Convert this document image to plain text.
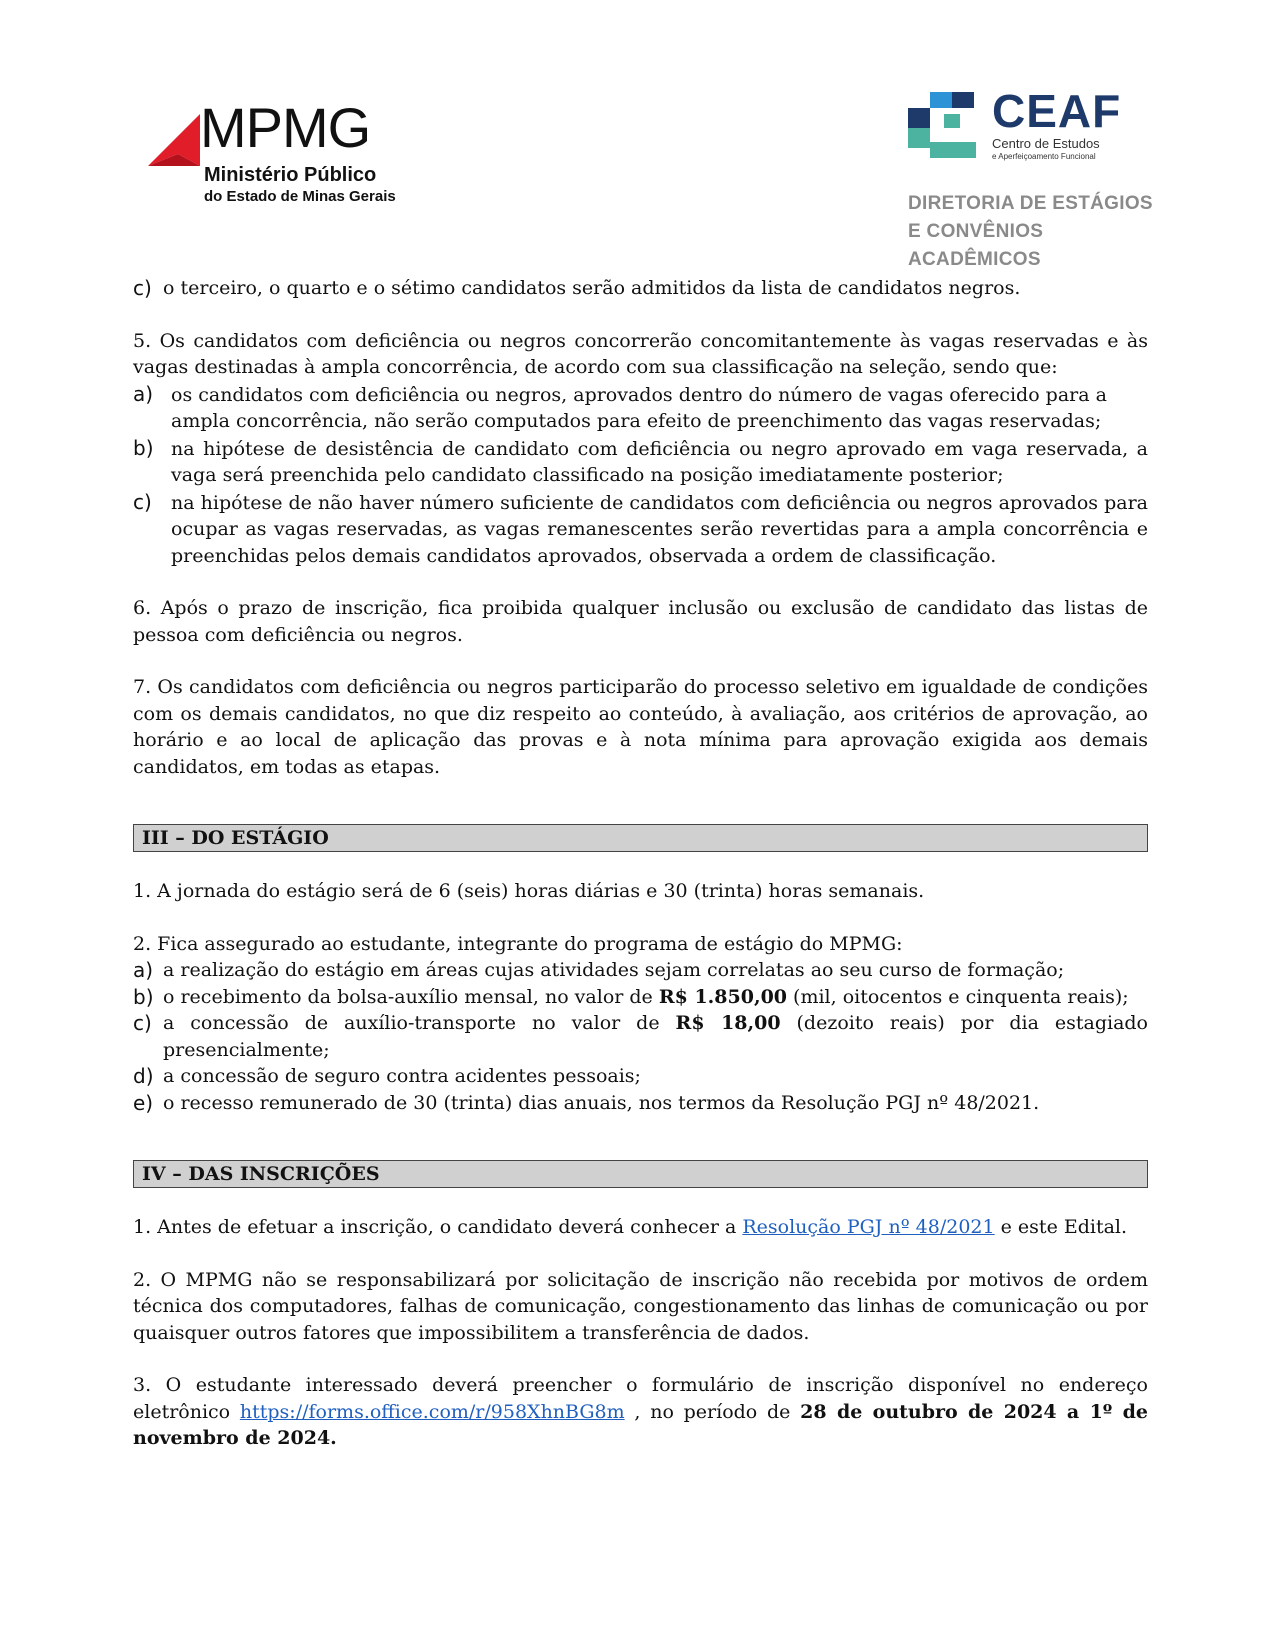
MPMG
Ministério Público
do Estado de Minas Gerais
CEAF
Centro de Estudos
e Aperfeiçoamento Funcional
DIRETORIA DE ESTÁGIOS
E CONVÊNIOS ACADÊMICOS
c) o terceiro, o quarto e o sétimo candidatos serão admitidos da lista de candidatos negros.

5. Os candidatos com deficiência ou negros concorrerão concomitantemente às vagas reservadas e às vagas destinadas à ampla concorrência, de acordo com sua classificação na seleção, sendo que:

a) os candidatos com deficiência ou negros, aprovados dentro do número de vagas oferecido para a ampla concorrência, não serão computados para efeito de preenchimento das vagas reservadas;
b) na hipótese de desistência de candidato com deficiência ou negro aprovado em vaga reservada, a vaga será preenchida pelo candidato classificado na posição imediatamente posterior;
c) na hipótese de não haver número suficiente de candidatos com deficiência ou negros aprovados para ocupar as vagas reservadas, as vagas remanescentes serão revertidas para a ampla concorrência e preenchidas pelos demais candidatos aprovados, observada a ordem de classificação.

6. Após o prazo de inscrição, fica proibida qualquer inclusão ou exclusão de candidato das listas de pessoa com deficiência ou negros.

7. Os candidatos com deficiência ou negros participarão do processo seletivo em igualdade de condições com os demais candidatos, no que diz respeito ao conteúdo, à avaliação, aos critérios de aprovação, ao horário e ao local de aplicação das provas e à nota mínima para aprovação exigida aos demais candidatos, em todas as etapas.

III – DO ESTÁGIO

1. A jornada do estágio será de 6 (seis) horas diárias e 30 (trinta) horas semanais.

2. Fica assegurado ao estudante, integrante do programa de estágio do MPMG:

a) a realização do estágio em áreas cujas atividades sejam correlatas ao seu curso de formação;
b) o recebimento da bolsa-auxílio mensal, no valor de R$ 1.850,00 (mil, oitocentos e cinquenta reais);
c) a concessão de auxílio-transporte no valor de R$ 18,00 (dezoito reais) por dia estagiado presencialmente;
d) a concessão de seguro contra acidentes pessoais;
e) o recesso remunerado de 30 (trinta) dias anuais, nos termos da Resolução PGJ nº 48/2021.
IV – DAS INSCRIÇÕES

1. Antes de efetuar a inscrição, o candidato deverá conhecer a Resolução PGJ nº 48/2021 e este Edital.

2. O MPMG não se responsabilizará por solicitação de inscrição não recebida por motivos de ordem técnica dos computadores, falhas de comunicação, congestionamento das linhas de comunicação ou por quaisquer outros fatores que impossibilitem a transferência de dados.

3. O estudante interessado deverá preencher o formulário de inscrição disponível no endereço eletrônico https://forms.office.com/r/958XhnBG8m , no período de 28 de outubro de 2024 a 1º de novembro de 2024.
